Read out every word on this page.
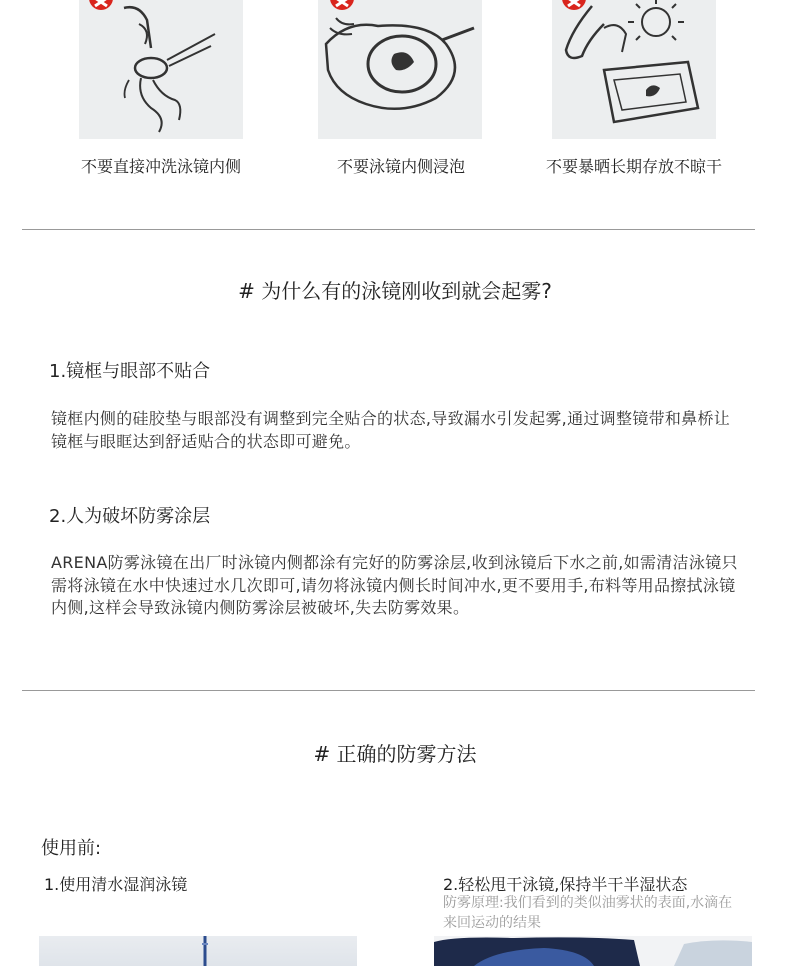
不要直接冲洗泳镜内侧	不要泳镜内侧浸泡	不要暴晒长期存放不晾干
# 为什么有的泳镜刚收到就会起雾?
1.镜框与眼部不贴合
镜框内侧的硅胶垫与眼部没有调整到完全贴合的状态,导致漏水引发起雾,通过调整镜带和鼻桥让镜框与眼眶达到舒适贴合的状态即可避免。
2.人为破坏防雾涂层
ARENA防雾泳镜在出厂时泳镜内侧都涂有完好的防雾涂层,收到泳镜后下水之前,如需清洁泳镜只需将泳镜在水中快速过水几次即可,请勿将泳镜内侧长时间冲水,更不要用手,布料等用品擦拭泳镜内侧,这样会导致泳镜内侧防雾涂层被破坏,失去防雾效果。
# 正确的防雾方法
使用前:
1.使用清水湿润泳镜	2.轻松甩干泳镜,保持半干半湿状态
防雾原理:我们看到的类似油雾状的表面,水滴在来回运动的结果
